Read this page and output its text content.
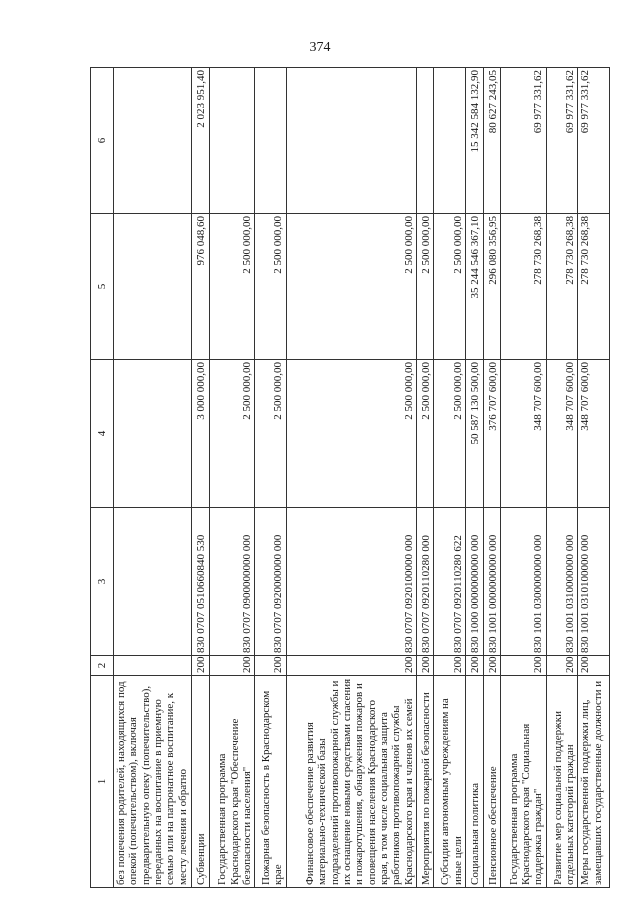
374
1	2	3	4	5	6
без попечения родителей, находящихся под опекой (попечительством), включая предварительную опеку (попечительство), переданных на воспитание в приемную семью или на патронатное воспитание, к месту лечения и обратно					
Субвенции	200	830 0707 0510660840 530	3 000 000,00	976 048,60	2 023 951,40
Государственная программа Краснодарского края "Обеспечение безопасности населения"	200	830 0707 0900000000 000	2 500 000,00	2 500 000,00	
Пожарная безопасность в Краснодарском крае	200	830 0707 0920000000 000	2 500 000,00	2 500 000,00	
Финансовое обеспечение развития материально-технической базы подразделений противопожарной службы и их оснащение новыми средствами спасения и пожаротушения, обнаружения пожаров и оповещения населения Краснодарского края, в том числе социальная защита работников противопожарной службы Краснодарского края и членов их семей	200	830 0707 0920100000 000	2 500 000,00	2 500 000,00	
Мероприятия по пожарной безопасности	200	830 0707 0920110280 000	2 500 000,00	2 500 000,00	
Субсидии автономным учреждениям на иные цели	200	830 0707 0920110280 622	2 500 000,00	2 500 000,00	
Социальная политика	200	830 1000 0000000000 000	50 587 130 500,00	35 244 546 367,10	15 342 584 132,90
Пенсионное обеспечение	200	830 1001 0000000000 000	376 707 600,00	296 080 356,95	80 627 243,05
Государственная программа Краснодарского края "Социальная поддержка граждан"	200	830 1001 0300000000 000	348 707 600,00	278 730 268,38	69 977 331,62
Развитие мер социальной поддержки отдельных категорий граждан	200	830 1001 0310000000 000	348 707 600,00	278 730 268,38	69 977 331,62
Меры государственной поддержки лиц, замещавших государственные должности и	200	830 1001 0310100000 000	348 707 600,00	278 730 268,38	69 977 331,62
